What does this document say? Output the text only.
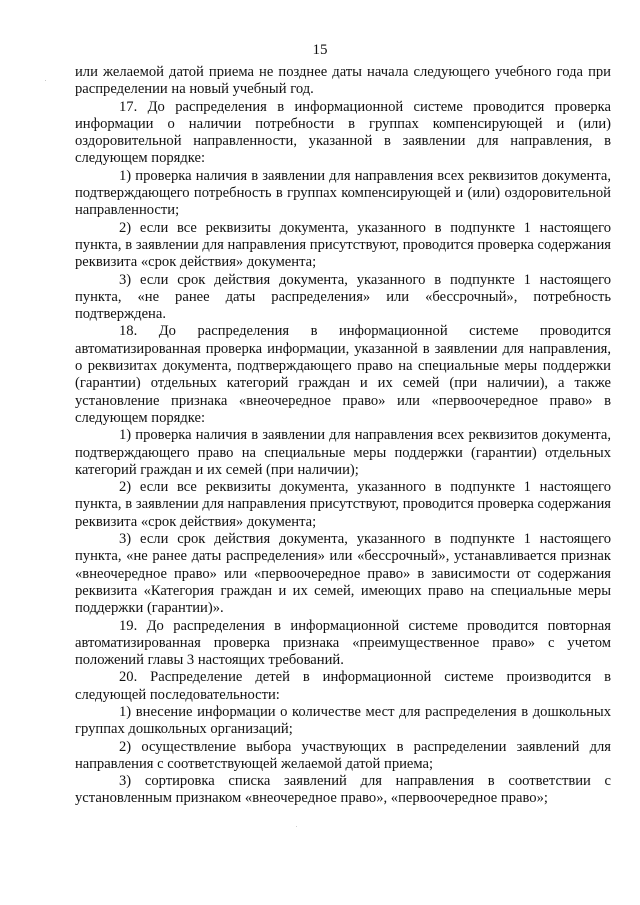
15

или желаемой датой приема не позднее даты начала следующего учебного года при распределении на новый учебный год.

17. До распределения в информационной системе проводится проверка информации о наличии потребности в группах компенсирующей и (или) оздоровительной направленности, указанной в заявлении для направления, в следующем порядке:

1) проверка наличия в заявлении для направления всех реквизитов документа, подтверждающего потребность в группах компенсирующей и (или) оздоровительной направленности;

2) если все реквизиты документа, указанного в подпункте 1 настоящего пункта, в заявлении для направления присутствуют, проводится проверка содержания реквизита «срок действия» документа;

3) если срок действия документа, указанного в подпункте 1 настоящего пункта, «не ранее даты распределения» или «бессрочный», потребность подтверждена.

18. До распределения в информационной системе проводится автоматизированная проверка информации, указанной в заявлении для направления, о реквизитах документа, подтверждающего право на специальные меры поддержки (гарантии) отдельных категорий граждан и их семей (при наличии), а также установление признака «внеочередное право» или «первоочередное право» в следующем порядке:

1) проверка наличия в заявлении для направления всех реквизитов документа, подтверждающего право на специальные меры поддержки (гарантии) отдельных категорий граждан и их семей (при наличии);

2) если все реквизиты документа, указанного в подпункте 1 настоящего пункта, в заявлении для направления присутствуют, проводится проверка содержания реквизита «срок действия» документа;

3) если срок действия документа, указанного в подпункте 1 настоящего пункта, «не ранее даты распределения» или «бессрочный», устанавливается признак «внеочередное право» или «первоочередное право» в зависимости от содержания реквизита «Категория граждан и их семей, имеющих право на специальные меры поддержки (гарантии)».

19. До распределения в информационной системе проводится повторная автоматизированная проверка признака «преимущественное право» с учетом положений главы 3 настоящих требований.

20. Распределение детей в информационной системе производится в следующей последовательности:

1) внесение информации о количестве мест для распределения в дошкольных группах дошкольных организаций;

2) осуществление выбора участвующих в распределении заявлений для направления с соответствующей желаемой датой приема;

3) сортировка списка заявлений для направления в соответствии с установленным признаком «внеочередное право», «первоочередное право»;
